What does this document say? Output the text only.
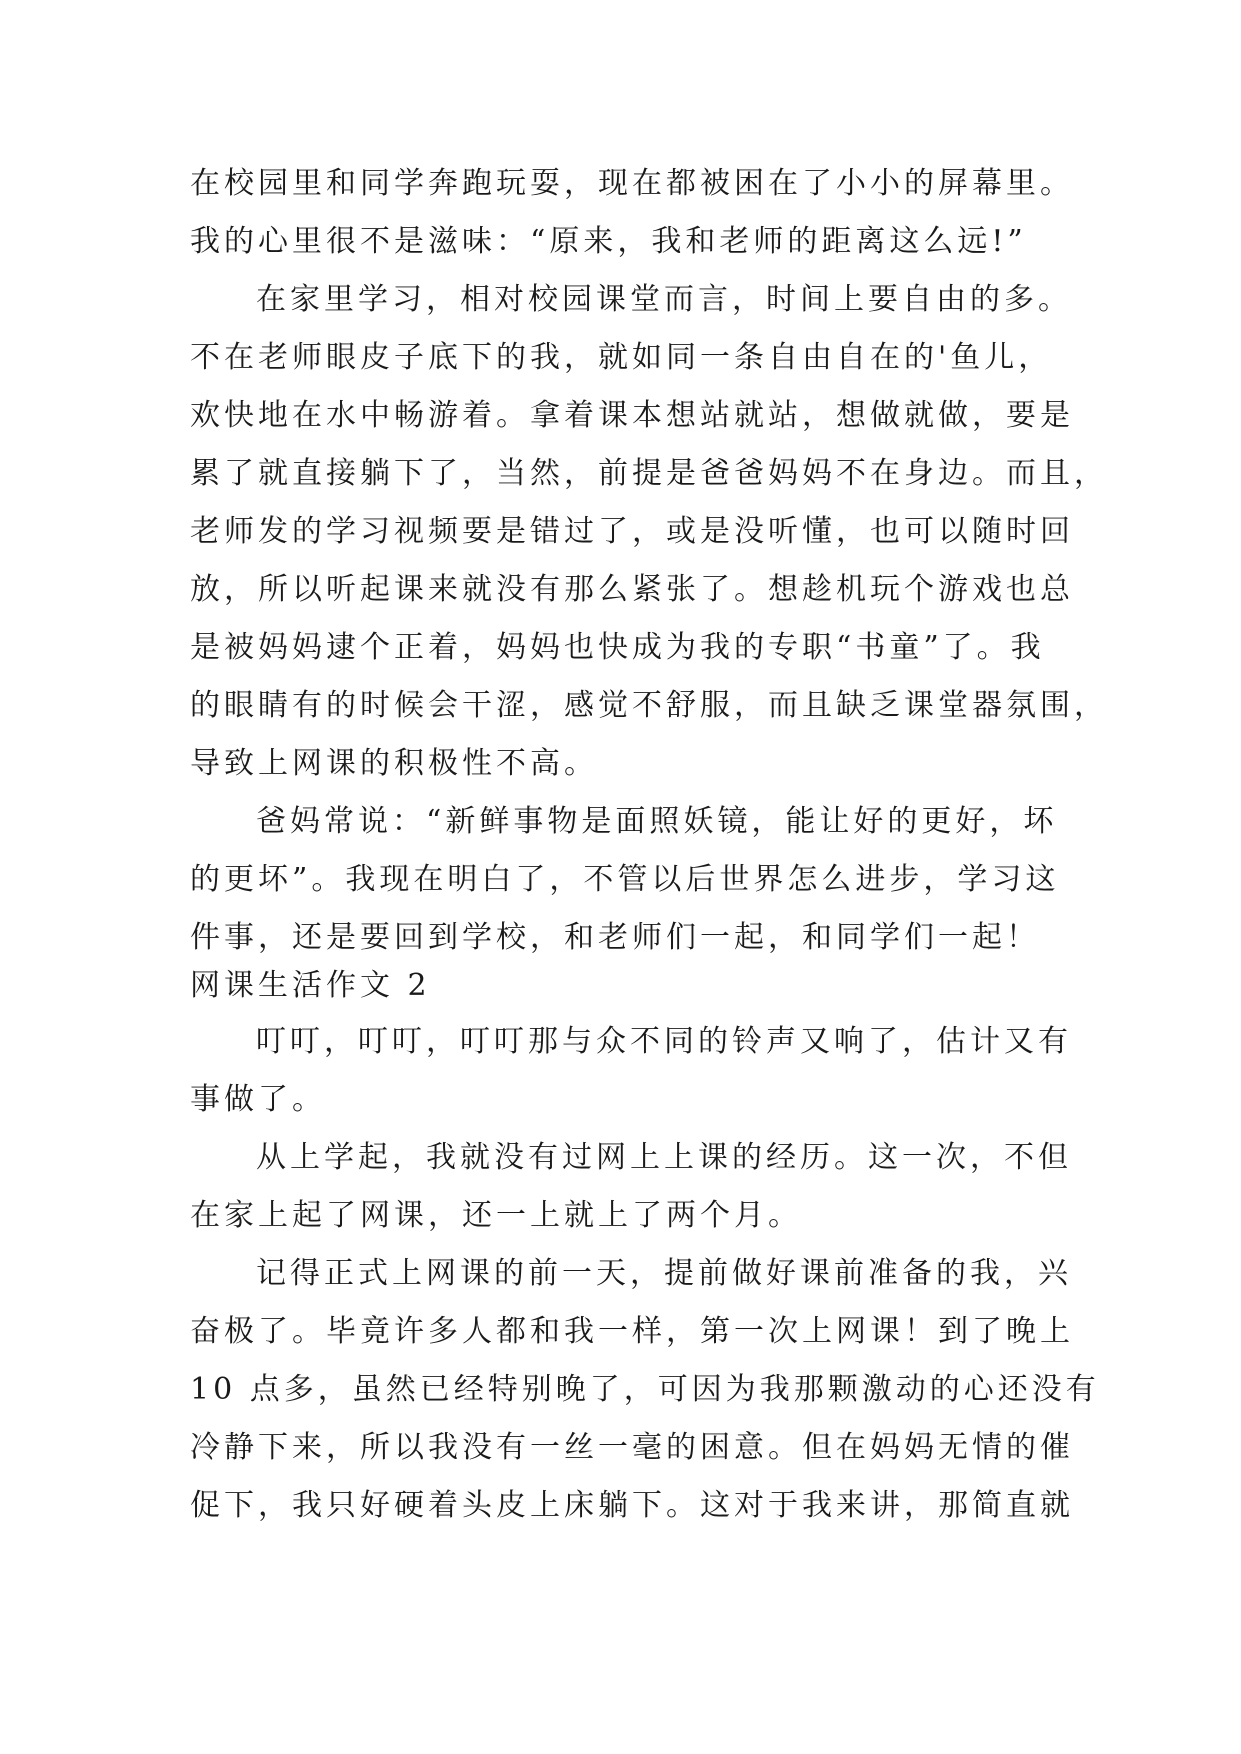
在校园里和同学奔跑玩耍，现在都被困在了小小的屏幕里。
我的心里很不是滋味：“原来，我和老师的距离这么远!”
在家里学习，相对校园课堂而言，时间上要自由的多。
不在老师眼皮子底下的我，就如同一条自由自在的'鱼儿，
欢快地在水中畅游着。拿着课本想站就站，想做就做，要是
累了就直接躺下了，当然，前提是爸爸妈妈不在身边。而且，
老师发的学习视频要是错过了，或是没听懂，也可以随时回
放，所以听起课来就没有那么紧张了。想趁机玩个游戏也总
是被妈妈逮个正着，妈妈也快成为我的专职“书童”了。我
的眼睛有的时候会干涩，感觉不舒服，而且缺乏课堂器氛围，
导致上网课的积极性不高。
爸妈常说：“新鲜事物是面照妖镜，能让好的更好，坏
的更坏”。我现在明白了，不管以后世界怎么进步，学习这
件事，还是要回到学校，和老师们一起，和同学们一起！
网课生活作文 2
叮叮，叮叮，叮叮那与众不同的铃声又响了，估计又有
事做了。
从上学起，我就没有过网上上课的经历。这一次，不但
在家上起了网课，还一上就上了两个月。
记得正式上网课的前一天，提前做好课前准备的我，兴
奋极了。毕竟许多人都和我一样，第一次上网课！到了晚上
10 点多，虽然已经特别晚了，可因为我那颗激动的心还没有
冷静下来，所以我没有一丝一毫的困意。但在妈妈无情的催
促下，我只好硬着头皮上床躺下。这对于我来讲，那简直就
